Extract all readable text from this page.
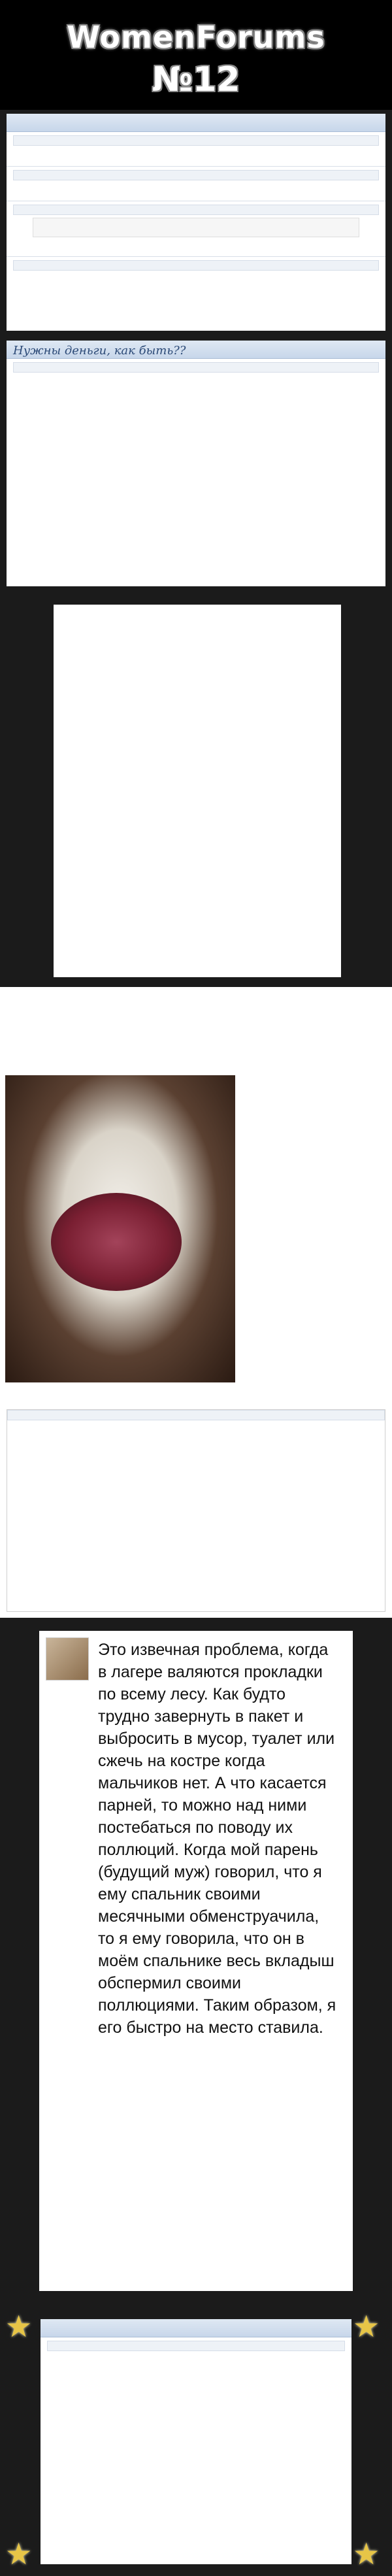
WomenForums
№12
Нужны деньги, как быть??
Это извечная проблема, когда в лагере валяются прокладки по всему лесу. Как будто трудно завернуть в пакет и выбросить в мусор, туалет или сжечь на костре когда мальчиков нет. А что касается парней, то можно над ними постебаться по поводу их поллюций. Когда мой парень (будущий муж) говорил, что я ему спальник своими месячными обменструачила, то я ему говорила, что он в моём спальнике весь вкладыш обспермил своими поллюциями. Таким образом, я его быстро на место ставила.
★	★
★	★
